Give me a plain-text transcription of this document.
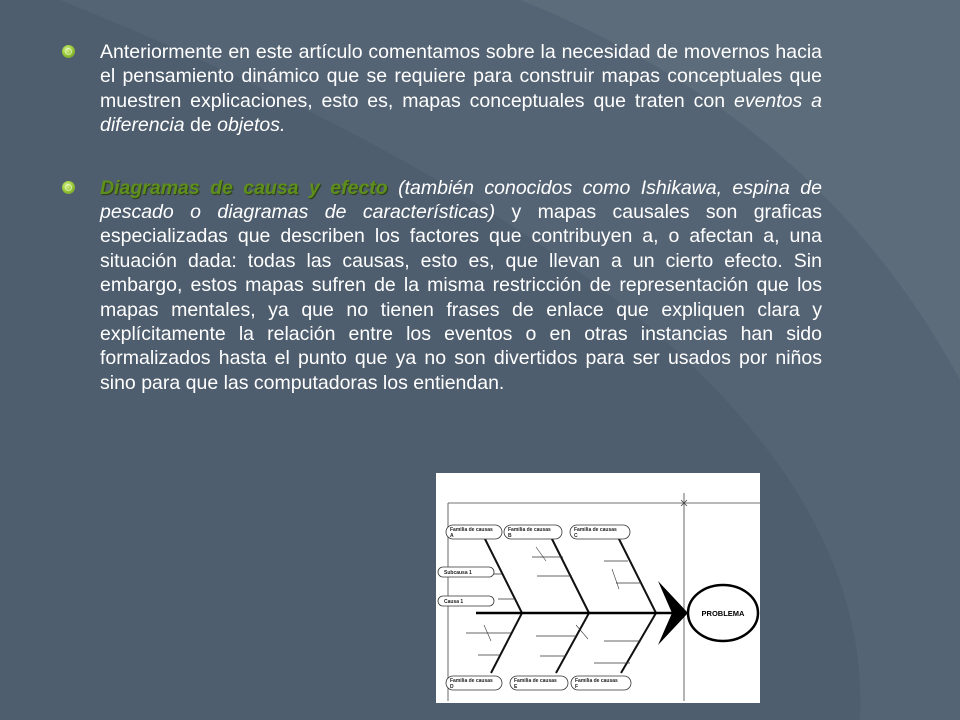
Anteriormente en este artículo comentamos sobre la necesidad de movernos hacia el pensamiento dinámico que se requiere para construir mapas conceptuales que muestren explicaciones, esto es, mapas conceptuales que traten con eventos a diferencia de objetos.

Diagramas de causa y efecto (también conocidos como Ishikawa, espina de pescado o diagramas de características) y mapas causales son graficas especializadas que describen los factores que contribuyen a, o afectan a, una situación dada: todas las causas, esto es, que llevan a un cierto efecto. Sin embargo, estos mapas sufren de la misma restricción de representación que los mapas mentales, ya que no tienen frases de enlace que expliquen clara y explícitamente la relación entre los eventos o en otras instancias han sido formalizados hasta el punto que ya no son divertidos para ser usados por niños sino para que las computadoras los entiendan.

Familia de causas
A
Familia de causas
B
Familia de causas
C
Subcausa 1
Causa 1
Familia de causas
D
Familia de causas
E
Familia de causas
F
PROBLEMA
